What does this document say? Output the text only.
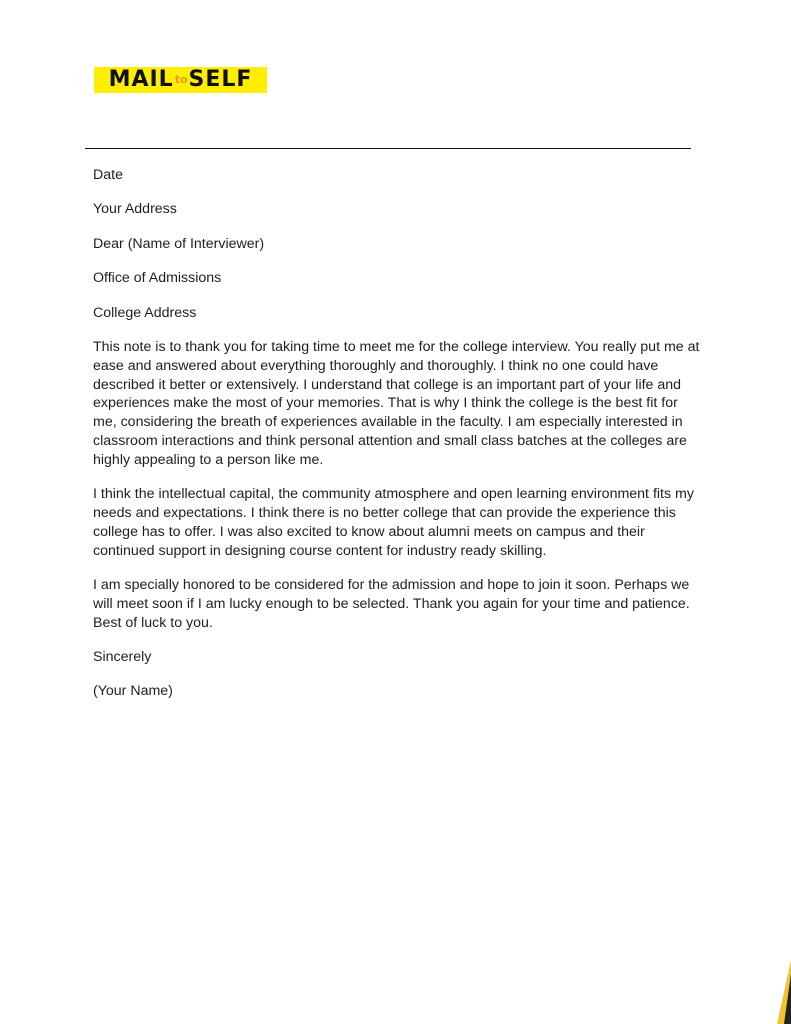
MAILtoSELF

Date

Your Address

Dear (Name of Interviewer)

Office of Admissions

College Address

This note is to thank you for taking time to meet me for the college interview. You really put me at ease and answered about everything thoroughly and thoroughly. I think no one could have described it better or extensively. I understand that college is an important part of your life and experiences make the most of your memories. That is why I think the college is the best fit for me, considering the breath of experiences available in the faculty. I am especially interested in classroom interactions and think personal attention and small class batches at the colleges are highly appealing to a person like me.

I think the intellectual capital, the community atmosphere and open learning environment fits my needs and expectations. I think there is no better college that can provide the experience this college has to offer. I was also excited to know about alumni meets on campus and their continued support in designing course content for industry ready skilling.

I am specially honored to be considered for the admission and hope to join it soon. Perhaps we will meet soon if I am lucky enough to be selected. Thank you again for your time and patience. Best of luck to you.

Sincerely

(Your Name)
